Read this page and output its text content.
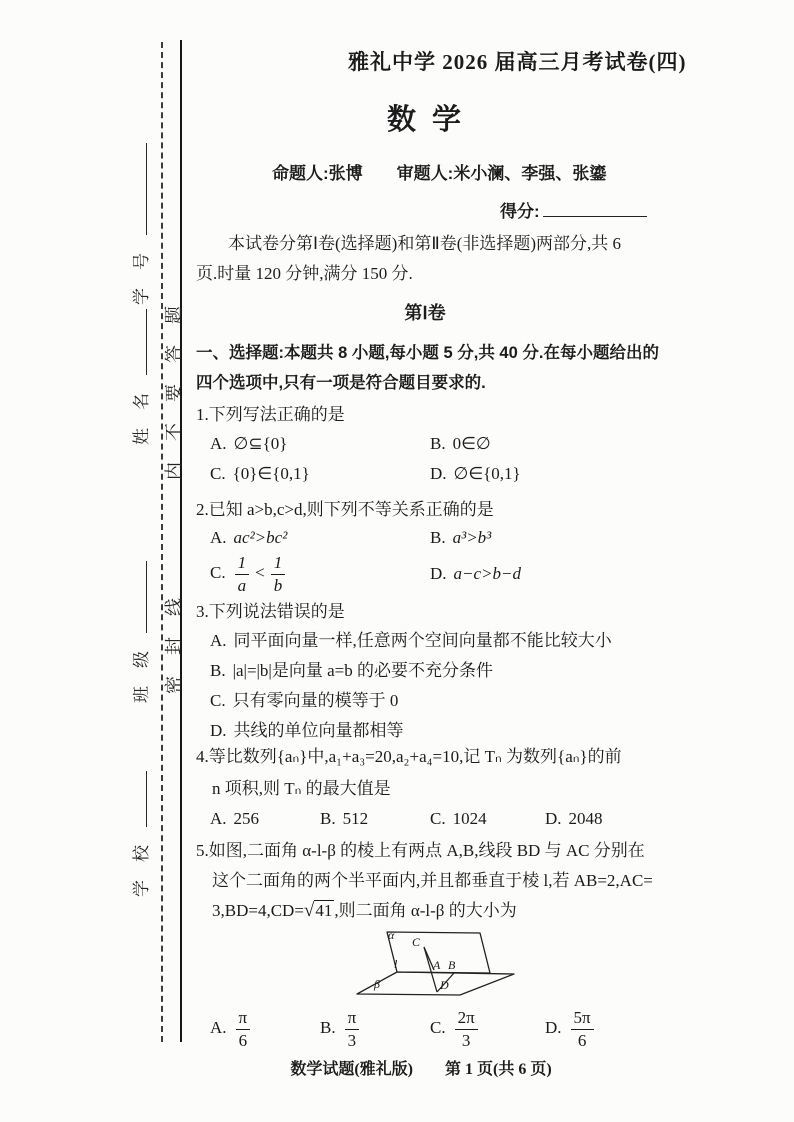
学号
姓名
班级
学校
密封线
内不要答题
雅礼中学 2026 届高三月考试卷(四)
数学
命题人:张博　　审题人:米小澜、李强、张鎏
得分:
本试卷分第Ⅰ卷(选择题)和第Ⅱ卷(非选择题)两部分,共 6
页.时量 120 分钟,满分 150 分.
第Ⅰ卷
一、选择题:本题共 8 小题,每小题 5 分,共 40 分.在每小题给出的
四个选项中,只有一项是符合题目要求的.
1.下列写法正确的是
A. ∅⊆{0}	B. 0∈∅
C. {0}∈{0,1}	D. ∅∈{0,1}
2.已知 a>b,c>d,则下列不等关系正确的是
A. ac²>bc²	B. a³>b³
C. $\frac{1}{a} < \frac{1}{b}$	D. a−c>b−d
3.下列说法错误的是
A. 同平面向量一样,任意两个空间向量都不能比较大小
B. |a|=|b|是向量 a=b 的必要不充分条件
C. 只有零向量的模等于 0
D. 共线的单位向量都相等
4.等比数列{aₙ}中,a₁+a₃=20,a₂+a₄=10,记 Tₙ 为数列{aₙ}的前
n 项积,则 Tₙ 的最大值是
A. 256	B. 512	C. 1024	D. 2048
5.如图,二面角 α-l-β 的棱上有两点 A,B,线段 BD 与 AC 分别在
这个二面角的两个半平面内,并且都垂直于棱 l,若 AB=2,AC=
3,BD=4,CD=√41 ,则二面角 α-l-β 的大小为
α C
l	A B
D
β
A. $\frac{\pi}{6}$	B. $\frac{\pi}{3}$	C. $\frac{2\pi}{3}$	D. $\frac{5\pi}{6}$
数学试题(雅礼版)　　第 1 页(共 6 页)
